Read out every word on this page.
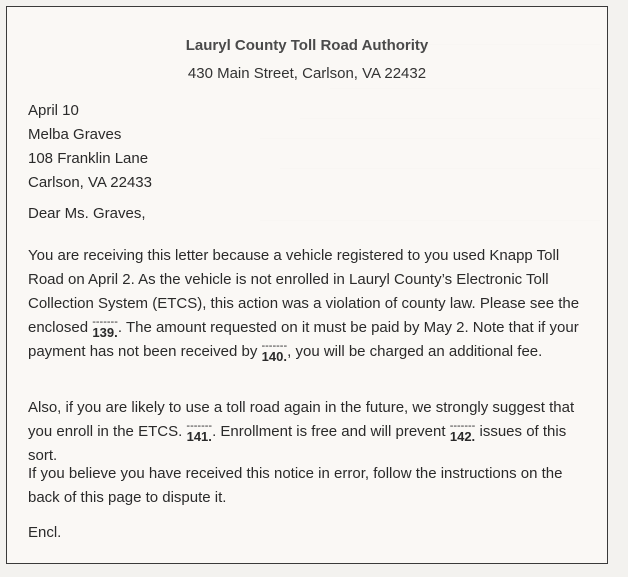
Lauryl County Toll Road Authority
430 Main Street, Carlson, VA 22432
April 10
Melba Graves
108 Franklin Lane
Carlson, VA 22433
Dear Ms. Graves,
You are receiving this letter because a vehicle registered to you used Knapp Toll Road on April 2. As the vehicle is not enrolled in Lauryl County’s Electronic Toll Collection System (ETCS), this action was a violation of county law. Please see the enclosed -------
139. . The amount requested on it must be paid by May 2. Note that if your payment has not been received by -------
140. , you will be charged an additional fee.
Also, if you are likely to use a toll road again in the future, we strongly suggest that you enroll in the ETCS. -------
141. . Enrollment is free and will prevent -------
142. issues of this sort.
If you believe you have received this notice in error, follow the instructions on the back of this page to dispute it.
Encl.
